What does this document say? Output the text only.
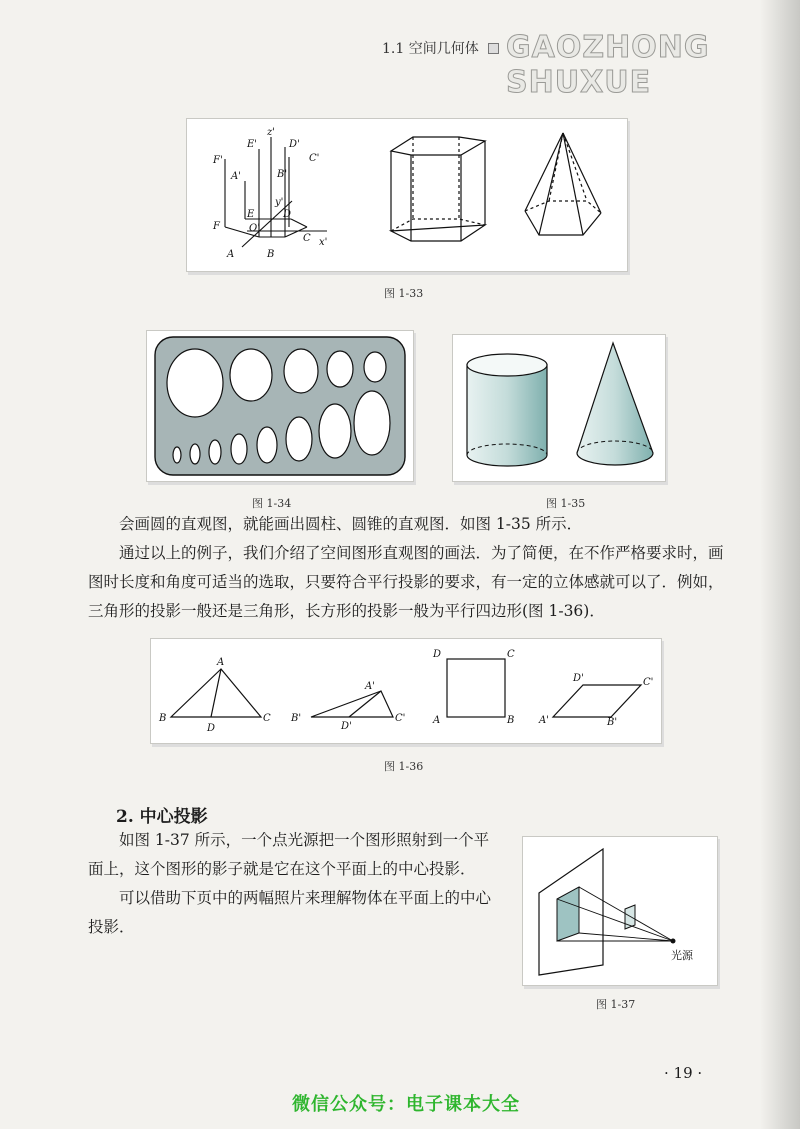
1.1 空间几何体 GAOZHONG SHUXUE
z'
E'	D'
F'	C'
A'	B'
y'
E	D
F	O'
C x'
A	B
图 1-33
图 1-34	图 1-35
会画圆的直观图，就能画出圆柱、圆锥的直观图．如图 1-35 所示．
通过以上的例子，我们介绍了空间图形直观图的画法．为了简便，在不作严格要求时，画图时长度和角度可适当的选取，只要符合平行投影的要求，有一定的立体感就可以了．例如，三角形的投影一般还是三角形，长方形的投影一般为平行四边形(图 1-36)．
A
B	C
D
A'
B'	C'
D'
D	C
A	B
D'	C'
A'	B'
图 1-36
2. 中心投影
如图 1-37 所示，一个点光源把一个图形照射到一个平面上，这个图形的影子就是它在这个平面上的中心投影．
可以借助下页中的两幅照片来理解物体在平面上的中心投影．
光源
图 1-37
· 19 ·
微信公众号：电子课本大全
